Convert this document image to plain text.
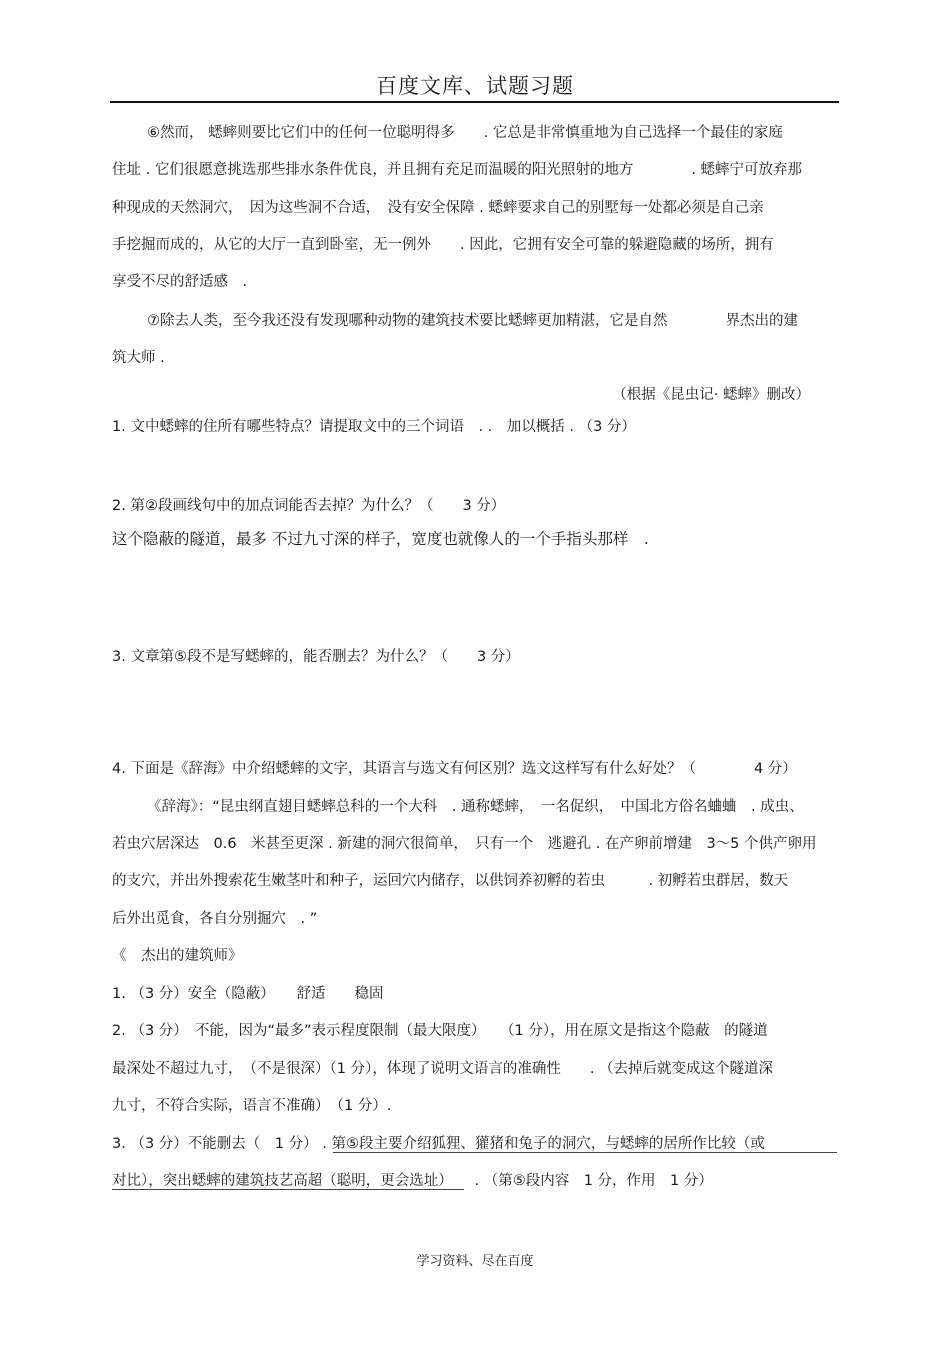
百度文库、试题习题
⑥然而， 蟋蟀则要比它们中的任何一位聪明得多　　. 它总是非常慎重地为自己选择一个最佳的家庭
住址 . 它们很愿意挑选那些排水条件优良，并且拥有充足而温暖的阳光照射的地方　　　　. 蟋蟀宁可放弃那
种现成的天然洞穴，　因为这些洞不合适，　没有安全保障 . 蟋蟀要求自己的别墅每一处都必须是自己亲
手挖掘而成的，从它的大厅一直到卧室，无一例外　　. 因此，它拥有安全可靠的躲避隐藏的场所，拥有
享受不尽的舒适感　.
⑦除去人类，至今我还没有发现哪种动物的建筑技术要比蟋蟀更加精湛，它是自然　　　　界杰出的建
筑大师 .
（根据《昆虫记· 蟋蟀》删改）
1. 文中蟋蟀的住所有哪些特点？请提取文中的三个词语　. .　加以概括 . （3 分）
2. 第②段画线句中的加点词能否去掉？为什么？（　　3 分）
这个隐蔽的隧道，最多 不过九寸深的样子，宽度也就像人的一个手指头那样　.
3. 文章第⑤段不是写蟋蟀的，能否删去？为什么？（　　3 分）
4. 下面是《辞海》中介绍蟋蟀的文字，其语言与选文有何区别？选文这样写有什么好处？（　　　　4 分）
《辞海》：“昆虫纲直翅目蟋蟀总科的一个大科　. 通称蟋蟀，　一名促织，　中国北方俗名蛐蛐　. 成虫、
若虫穴居深达　0.6　米甚至更深 . 新建的洞穴很简单，　只有一个　逃避孔 . 在产卵前增建　3～5 个供产卵用
的支穴，并出外搜索花生嫩茎叶和种子，运回穴内储存，以供饲养初孵的若虫　　　. 初孵若虫群居，数天
后外出觅食，各自分别掘穴　. ”
《　杰出的建筑师》
1. （3 分）安全（隐蔽）　　舒适　　稳固
2. （3 分）　不能，因为“最多”表示程度限制（最大限度）　　（1 分），用在原文是指这个隐蔽　的隧道
最深处不超过九寸，　（不是很深）（1 分），体现了说明文语言的准确性　　. （去掉后就变成这个隧道深
九寸，不符合实际，语言不准确）　（1 分）.
3. （3 分）不能删去（　1 分） . 第⑤段主要介绍狐狸、獾猪和兔子的洞穴，与蟋蟀的居所作比较（或
对比），突出蟋蟀的建筑技艺高超（聪明，更会选址）　　. （第⑤段内容　1 分，作用　1 分）
学习资料、尽在百度
